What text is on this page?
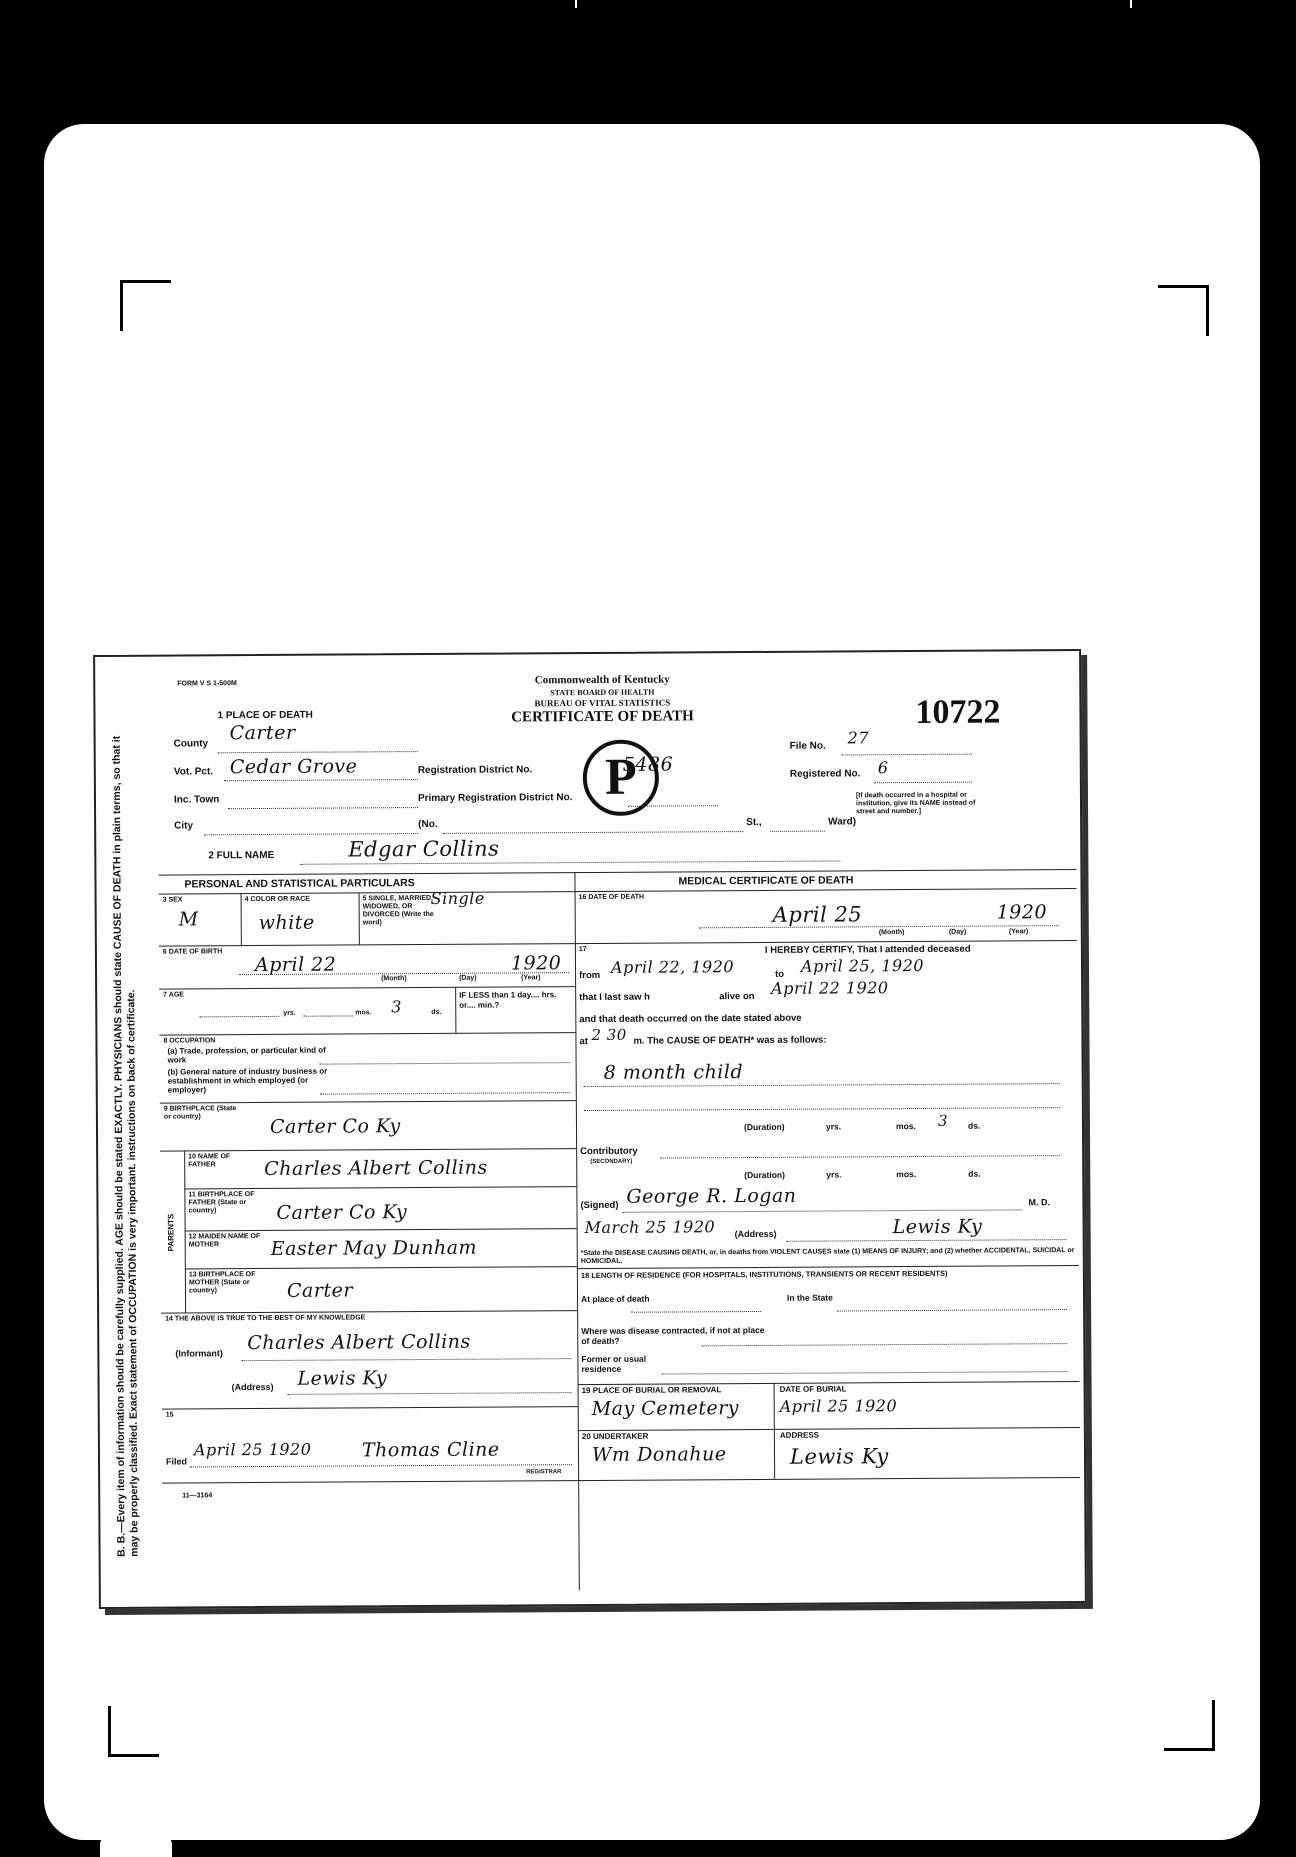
B. B.—Every item of information should be carefully supplied. AGE should be stated EXACTLY. PHYSICIANS should state CAUSE OF DEATH in plain terms, so that it may be properly classified. Exact statement of OCCUPATION is very important. instructions on back of certificate.
FORM V S 1-500M	Commonwealth of Kentucky
STATE BOARD OF HEALTH
BUREAU OF VITAL STATISTICS
CERTIFICATE OF DEATH	10722
P
1 PLACE OF DEATH
County Carter
Vot. Pct. Cedar Grove
Inc. Town
City
Registration District No.	5486
Primary Registration District No.
(No.	St.,	Ward)
File No. 27
Registered No. 6
[If death occurred in a hospital or institution, give its NAME instead of street and number.]
2 FULL NAME	Edgar Collins
PERSONAL AND STATISTICAL PARTICULARS
3 SEX
M
4 COLOR OR RACE
white
5 SINGLE, MARRIED, WIDOWED, OR DIVORCED (Write the word)
Single
6 DATE OF BIRTH
April 22	1920
(Month)	(Day)	(Year)
7 AGE
yrs.	mos. 3	ds.
IF LESS than 1 day.... hrs. or.... min.?
8 OCCUPATION
(a) Trade, profession, or particular kind of work
(b) General nature of industry business or establishment in which employed (or employer)
9 BIRTHPLACE (State or country)	Carter Co Ky
PARENTS
10 NAME OF FATHER	Charles Albert Collins
11 BIRTHPLACE OF FATHER (State or country)	Carter Co Ky
12 MAIDEN NAME OF MOTHER	Easter May Dunham
13 BIRTHPLACE OF MOTHER (State or country)	Carter
14 THE ABOVE IS TRUE TO THE BEST OF MY KNOWLEDGE
(Informant) Charles Albert Collins
(Address) Lewis Ky
15
Filed
April 25 1920	Thomas Cline
REGISTRAR
MEDICAL CERTIFICATE OF DEATH
16 DATE OF DEATH
April 25	1920
(Month)	(Day)	(Year)
17	I HEREBY CERTIFY, That I attended deceased
from April 22, 1920	to April 25, 1920
that I last saw h	alive on April 22 1920
and that death occurred on the date stated above
at 2 30 m. The CAUSE OF DEATH* was as follows:
8 month child
(Duration)	yrs.	mos. 3 ds.
Contributory
(SECONDARY)
(Duration)	yrs.	mos.	ds.
(Signed) George R. Logan	M. D.
March 25 1920 (Address)	Lewis Ky
*State the DISEASE CAUSING DEATH, or, in deaths from VIOLENT CAUSES state (1) MEANS OF INJURY; and (2) whether ACCIDENTAL, SUICIDAL or HOMICIDAL.
18 LENGTH OF RESIDENCE (FOR HOSPITALS, INSTITUTIONS, TRANSIENTS OR RECENT RESIDENTS)
At place of death	In the State
Where was disease contracted, if not at place of death?
Former or usual residence
19 PLACE OF BURIAL OR REMOVAL
May Cemetery
DATE OF BURIAL
April 25 1920
20 UNDERTAKER
Wm Donahue
ADDRESS
Lewis Ky
11—3164
